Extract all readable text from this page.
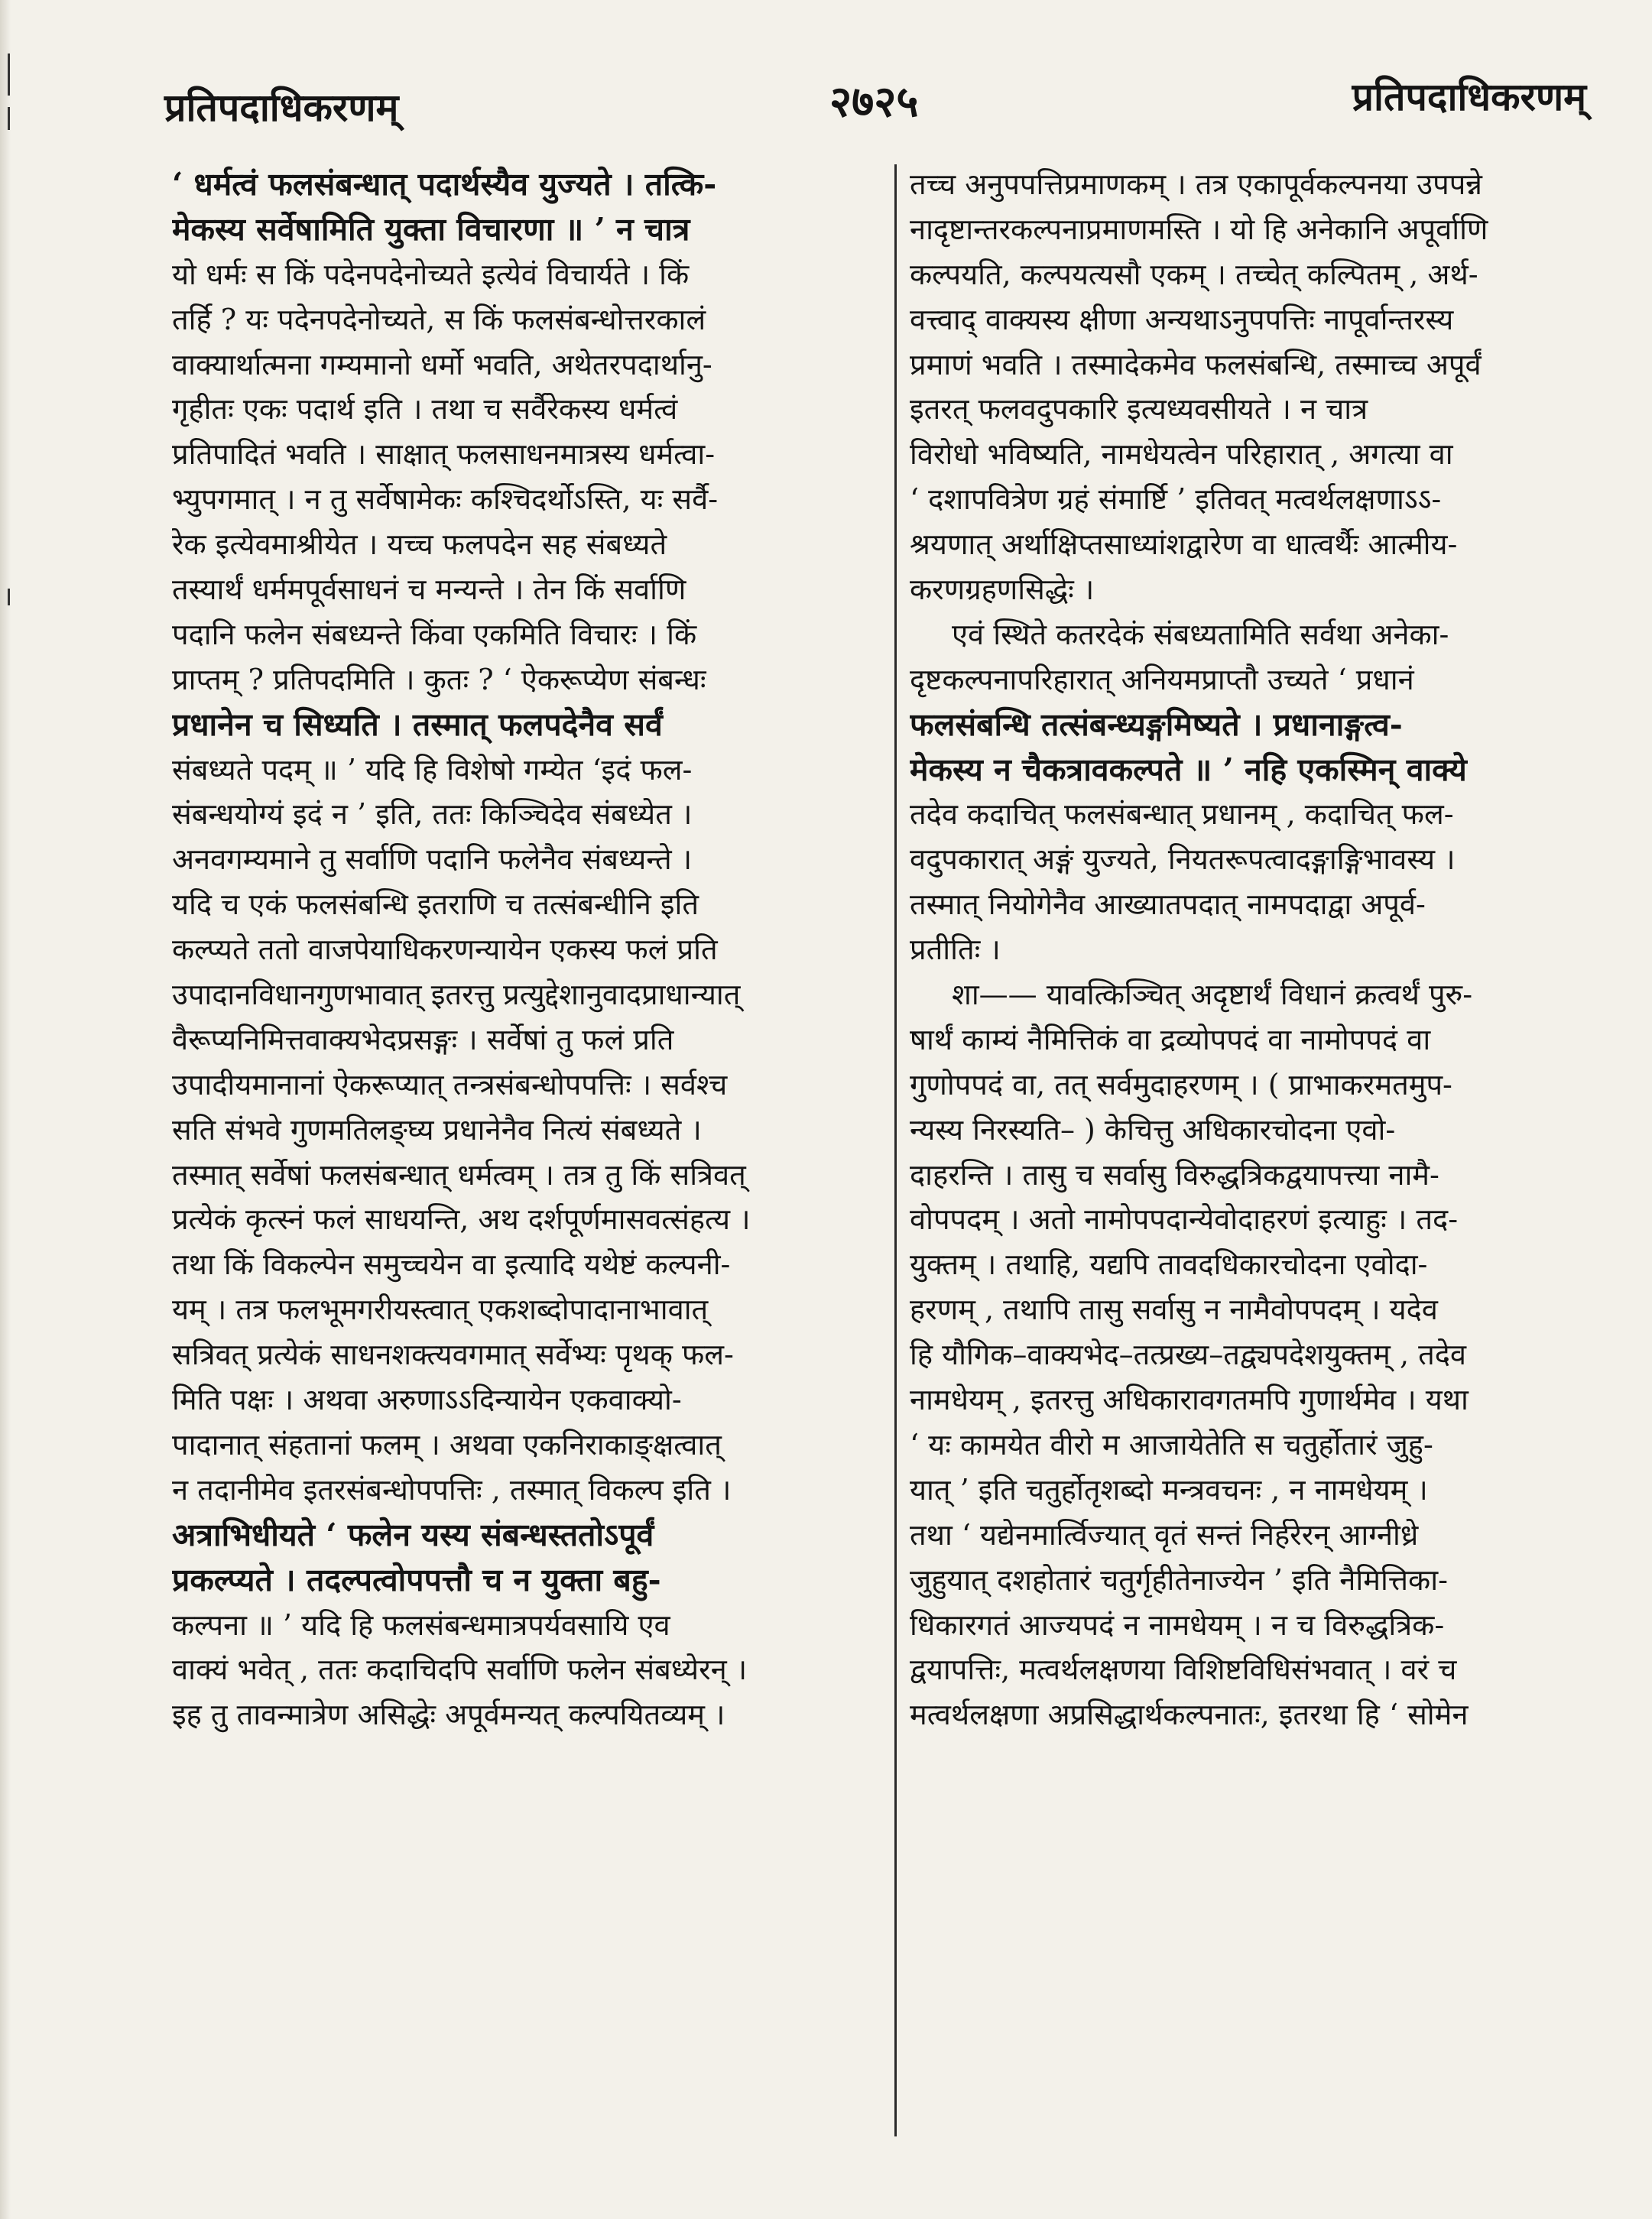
प्रतिपदाधिकरणम्	२७२५	प्रतिपदाधिकरणम्
‘ धर्मत्वं फलसंबन्धात् पदार्थस्यैव युज्यते । तत्कि-
मेकस्य सर्वेषामिति युक्ता विचारणा ॥ ’ न चात्र
यो धर्मः स किं पदेनपदेनोच्यते इत्येवं विचार्यते । किं
तर्हि ? यः पदेनपदेनोच्यते, स किं फलसंबन्धोत्तरकालं
वाक्यार्थात्मना गम्यमानो धर्मो भवति, अथेतरपदार्थानु-
गृहीतः एकः पदार्थ इति । तथा च सर्वैरेकस्य धर्मत्वं
प्रतिपादितं भवति । साक्षात् फलसाधनमात्रस्य धर्मत्वा-
भ्युपगमात् । न तु सर्वेषामेकः कश्चिदर्थोऽस्ति, यः सर्वै-
रेक इत्येवमाश्रीयेत । यच्च फलपदेन सह संबध्यते
तस्यार्थं धर्ममपूर्वसाधनं च मन्यन्ते । तेन किं सर्वाणि
पदानि फलेन संबध्यन्ते किंवा एकमिति विचारः । किं
प्राप्तम् ? प्रतिपदमिति । कुतः ? ‘ ऐकरूप्येण संबन्धः
प्रधानेन च सिध्यति । तस्मात् फलपदेनैव सर्वं
संबध्यते पदम् ॥ ’ यदि हि विशेषो गम्येत ‘इदं फल-
संबन्धयोग्यं इदं न ’ इति, ततः किञ्चिदेव संबध्येत ।
अनवगम्यमाने तु सर्वाणि पदानि फलेनैव संबध्यन्ते ।
यदि च एकं फलसंबन्धि इतराणि च तत्संबन्धीनि इति
कल्प्यते ततो वाजपेयाधिकरणन्यायेन एकस्य फलं प्रति
उपादानविधानगुणभावात् इतरत्तु प्रत्युद्देशानुवादप्राधान्यात्
वैरूप्यनिमित्तवाक्यभेदप्रसङ्गः । सर्वेषां तु फलं प्रति
उपादीयमानानां ऐकरूप्यात् तन्त्रसंबन्धोपपत्तिः । सर्वश्च
सति संभवे गुणमतिलङ्घ्य प्रधानेनैव नित्यं संबध्यते ।
तस्मात् सर्वेषां फलसंबन्धात् धर्मत्वम् । तत्र तु किं सत्रिवत्
प्रत्येकं कृत्स्नं फलं साधयन्ति, अथ दर्शपूर्णमासवत्संहत्य ।
तथा किं विकल्पेन समुच्चयेन वा इत्यादि यथेष्टं कल्पनी-
यम् । तत्र फलभूमगरीयस्त्वात् एकशब्दोपादानाभावात्
सत्रिवत् प्रत्येकं साधनशक्त्यवगमात् सर्वेभ्यः पृथक् फल-
मिति पक्षः । अथवा अरुणाऽऽदिन्यायेन एकवाक्यो-
पादानात् संहतानां फलम् । अथवा एकनिराकाङ्क्षत्वात्
न तदानीमेव इतरसंबन्धोपपत्तिः , तस्मात् विकल्प इति ।
अत्राभिधीयते ‘ फलेन यस्य संबन्धस्ततोऽपूर्वं
प्रकल्प्यते । तदल्पत्वोपपत्तौ च न युक्ता बहु-
कल्पना ॥ ’ यदि हि फलसंबन्धमात्रपर्यवसायि एव
वाक्यं भवेत् , ततः कदाचिदपि सर्वाणि फलेन संबध्येरन् ।
इह तु तावन्मात्रेण असिद्धेः अपूर्वमन्यत् कल्पयितव्यम् ।
तच्च अनुपपत्तिप्रमाणकम् । तत्र एकापूर्वकल्पनया उपपन्ने
नादृष्टान्तरकल्पनाप्रमाणमस्ति । यो हि अनेकानि अपूर्वाणि
कल्पयति, कल्पयत्यसौ एकम् । तच्चेत् कल्पितम् , अर्थ-
वत्त्वाद् वाक्यस्य क्षीणा अन्यथाऽनुपपत्तिः नापूर्वान्तरस्य
प्रमाणं भवति । तस्मादेकमेव फलसंबन्धि, तस्माच्च अपूर्वं
इतरत् फलवदुपकारि इत्यध्यवसीयते । न चात्र
विरोधो भविष्यति, नामधेयत्वेन परिहारात् , अगत्या वा
‘ दशापवित्रेण ग्रहं संमार्ष्टि ’ इतिवत् मत्वर्थलक्षणाऽऽ-
श्रयणात् अर्थाक्षिप्तसाध्यांशद्वारेण वा धात्वर्थैः आत्मीय-
करणग्रहणसिद्धेः ।
एवं स्थिते कतरदेकं संबध्यतामिति सर्वथा अनेका-
दृष्टकल्पनापरिहारात् अनियमप्राप्तौ उच्यते ‘ प्रधानं
फलसंबन्धि तत्संबन्ध्यङ्गमिष्यते । प्रधानाङ्गत्व-
मेकस्य न चैकत्रावकल्पते ॥ ’ नहि एकस्मिन् वाक्ये
तदेव कदाचित् फलसंबन्धात् प्रधानम् , कदाचित् फल-
वदुपकारात् अङ्गं युज्यते, नियतरूपत्वादङ्गाङ्गिभावस्य ।
तस्मात् नियोगेनैव आख्यातपदात् नामपदाद्वा अपूर्व-
प्रतीतिः ।
शा—— यावत्किञ्चित् अदृष्टार्थं विधानं क्रत्वर्थं पुरु-
षार्थं काम्यं नैमित्तिकं वा द्रव्योपपदं वा नामोपपदं वा
गुणोपपदं वा, तत् सर्वमुदाहरणम् । ( प्राभाकरमतमुप-
न्यस्य निरस्यति– ) केचित्तु अधिकारचोदना एवो-
दाहरन्ति । तासु च सर्वासु विरुद्धत्रिकद्वयापत्त्या नामै-
वोपपदम् । अतो नामोपपदान्येवोदाहरणं इत्याहुः । तद-
युक्तम् । तथाहि, यद्यपि तावदधिकारचोदना एवोदा-
हरणम् , तथापि तासु सर्वासु न नामैवोपपदम् । यदेव
हि यौगिक–वाक्यभेद–तत्प्रख्य–तद्व्यपदेशयुक्तम् , तदेव
नामधेयम् , इतरत्तु अधिकारावगतमपि गुणार्थमेव । यथा
‘ यः कामयेत वीरो म आजायेतेति स चतुर्होतारं जुहु-
यात् ’ इति चतुर्होतृशब्दो मन्त्रवचनः , न नामधेयम् ।
तथा ‘ यद्येनमार्त्विज्यात् वृतं सन्तं निर्हरेरन् आग्नीध्रे
जुहुयात् दशहोतारं चतुर्गृहीतेनाज्येन ’ इति नैमित्तिका-
धिकारगतं आज्यपदं न नामधेयम् । न च विरुद्धत्रिक-
द्वयापत्तिः, मत्वर्थलक्षणया विशिष्टविधिसंभवात् । वरं च
मत्वर्थलक्षणा अप्रसिद्धार्थकल्पनातः, इतरथा हि ‘ सोमेन
